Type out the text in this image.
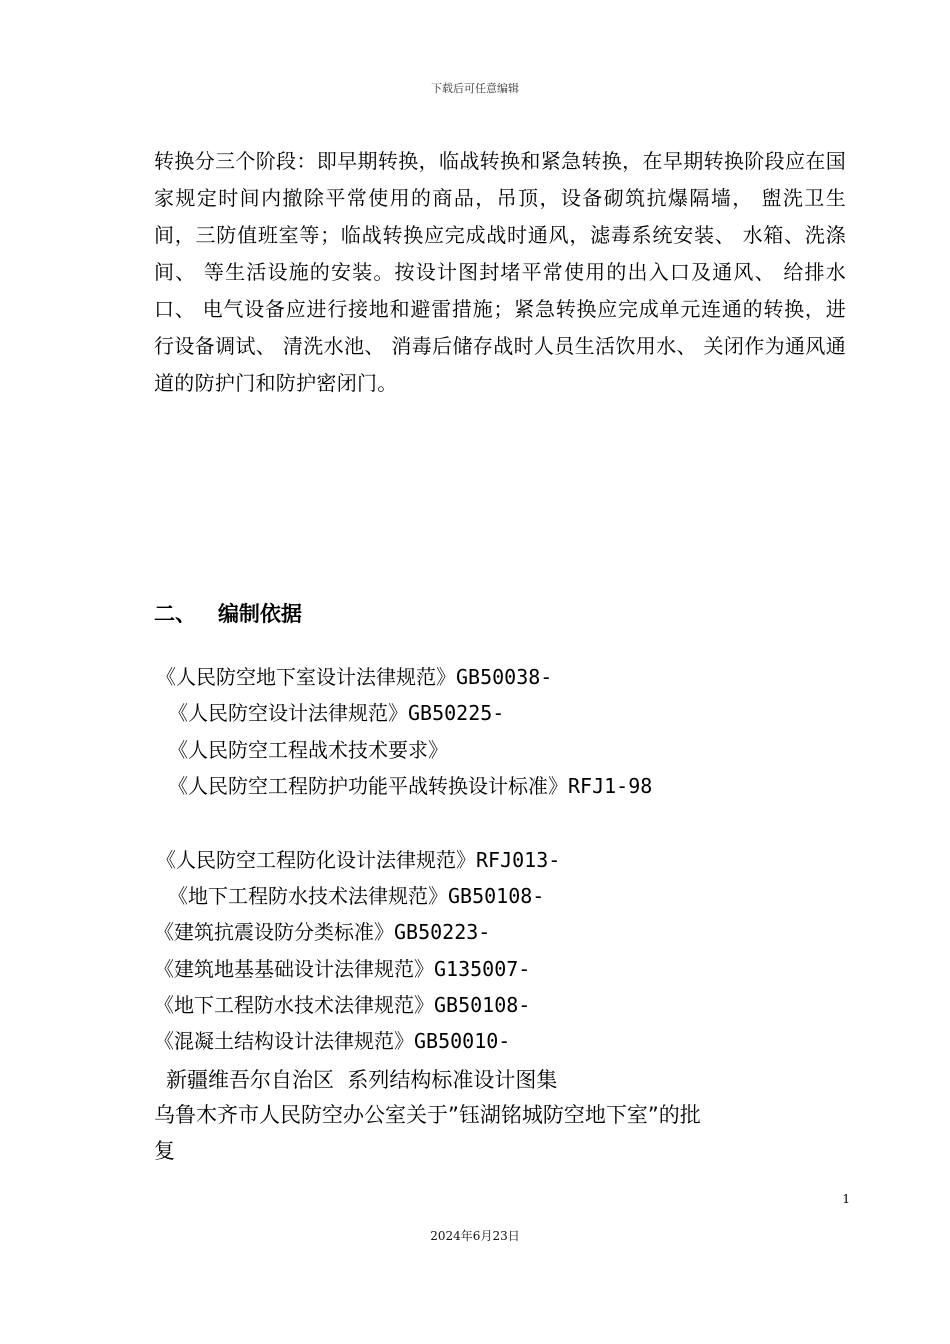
下载后可任意编辑
转换分三个阶段：即早期转换，临战转换和紧急转换，在早期转换阶段应在国家规定时间内撤除平常使用的商品，吊顶，设备砌筑抗爆隔墙， 盥洗卫生间，三防值班室等；临战转换应完成战时通风，滤毒系统安装、 水箱、洗涤间、 等生活设施的安装。按设计图封堵平常使用的出入口及通风、 给排水口、 电气设备应进行接地和避雷措施；紧急转换应完成单元连通的转换，进行设备调试、 清洗水池、 消毒后储存战时人员生活饮用水、 关闭作为通风通道的防护门和防护密闭门。
二、 编制依据
《人民防空地下室设计法律规范》GB50038-
《人民防空设计法律规范》GB50225-
《人民防空工程战术技术要求》
《人民防空工程防护功能平战转换设计标准》RFJ1-98
《人民防空工程防化设计法律规范》RFJ013-
《地下工程防水技术法律规范》GB50108-
《建筑抗震设防分类标准》GB50223-
《建筑地基基础设计法律规范》G135007-
《地下工程防水技术法律规范》GB50108-
《混凝土结构设计法律规范》GB50010-
新疆维吾尔自治区  系列结构标准设计图集
乌鲁木齐市人民防空办公室关于”钰湖铭城防空地下室”的批
复
1
2024年6月23日
